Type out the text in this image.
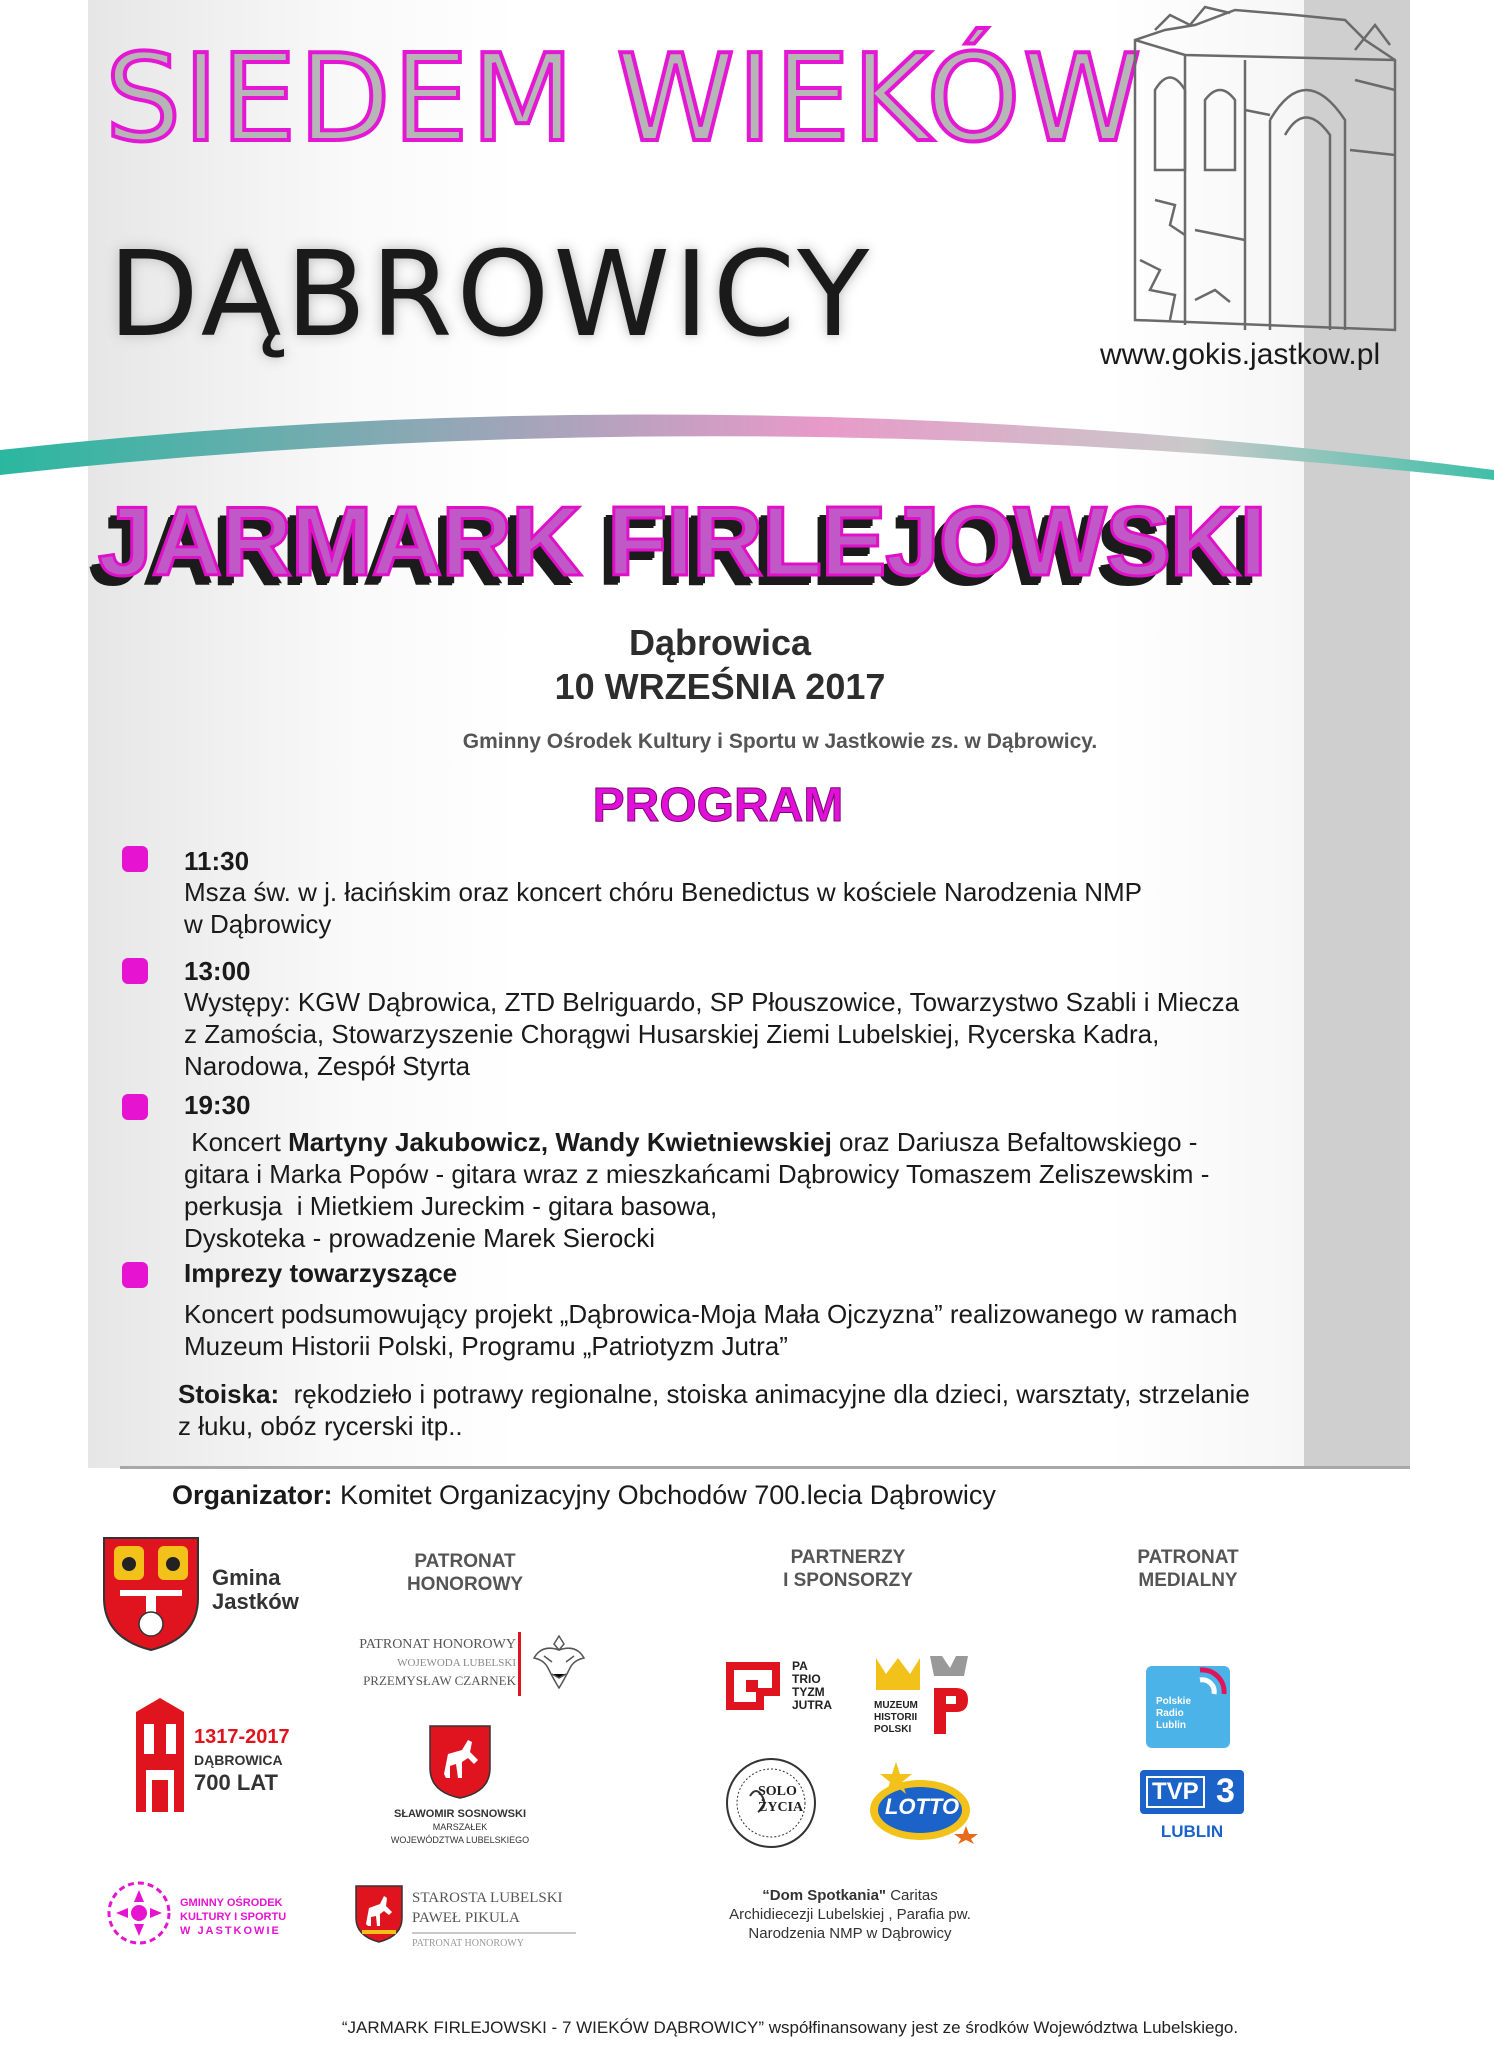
SIEDEM WIEKÓW
DĄBROWICY	www.gokis.jastkow.pl
JARMARK FIRLEJOWSKI
Dąbrowica
10 WRZEŚNIA 2017
Gminny Ośrodek Kultury i Sportu w Jastkowie zs. w Dąbrowicy.
PROGRAM
11:30
Msza św. w j. łacińskim oraz koncert chóru Benedictus w kościele Narodzenia NMP
w Dąbrowicy
13:00
Występy: KGW Dąbrowica, ZTD Belriguardo, SP Płouszowice, Towarzystwo Szabli i Miecza
z Zamościa, Stowarzyszenie Chorągwi Husarskiej Ziemi Lubelskiej, Rycerska Kadra,
Narodowa, Zespół Styrta
19:30
Koncert Martyny Jakubowicz, Wandy Kwietniewskiej oraz Dariusza Befaltowskiego -
gitara i Marka Popów - gitara wraz z mieszkańcami Dąbrowicy Tomaszem Zeliszewskim -
perkusja  i Mietkiem Jureckim - gitara basowa,
Dyskoteka - prowadzenie Marek Sierocki
Imprezy towarzyszące
Koncert podsumowujący projekt „Dąbrowica-Moja Mała Ojczyzna” realizowanego w ramach
Muzeum Historii Polski, Programu „Patriotyzm Jutra”
Stoiska:  rękodzieło i potrawy regionalne, stoiska animacyjne dla dzieci, warsztaty, strzelanie
z łuku, obóz rycerski itp..
Organizator: Komitet Organizacyjny Obchodów 700.lecia Dąbrowicy
Gmina
Jastków
1317-2017
DĄBROWICA
700 LAT
GMINNY OŚRODEK
KULTURY I SPORTU
W JASTKOWIE
PATRONAT
HONOROWY
PATRONAT HONOROWY
WOJEWODA LUBELSKI
PRZEMYSŁAW CZARNEK
SŁAWOMIR SOSNOWSKI
MARSZAŁEK
WOJEWÓDZTWA LUBELSKIEGO
STAROSTA LUBELSKI
PAWEŁ PIKULA
PATRONAT HONOROWY
PARTNERZY
I SPONSORZY
PA
TRIO
TYZM
JUTRA	MUZEUM
HISTORII
POLSKI
SOLO
ŻYCIA	LOTTO
“Dom Spotkania" Caritas
Archidiecezji Lubelskiej , Parafia pw.
Narodzenia NMP w Dąbrowicy
PATRONAT
MEDIALNY
Polskie
Radio
Lublin
TVP 3
LUBLIN
“JARMARK FIRLEJOWSKI - 7 WIEKÓW DĄBROWICY” współfinansowany jest ze środków Województwa Lubelskiego.
